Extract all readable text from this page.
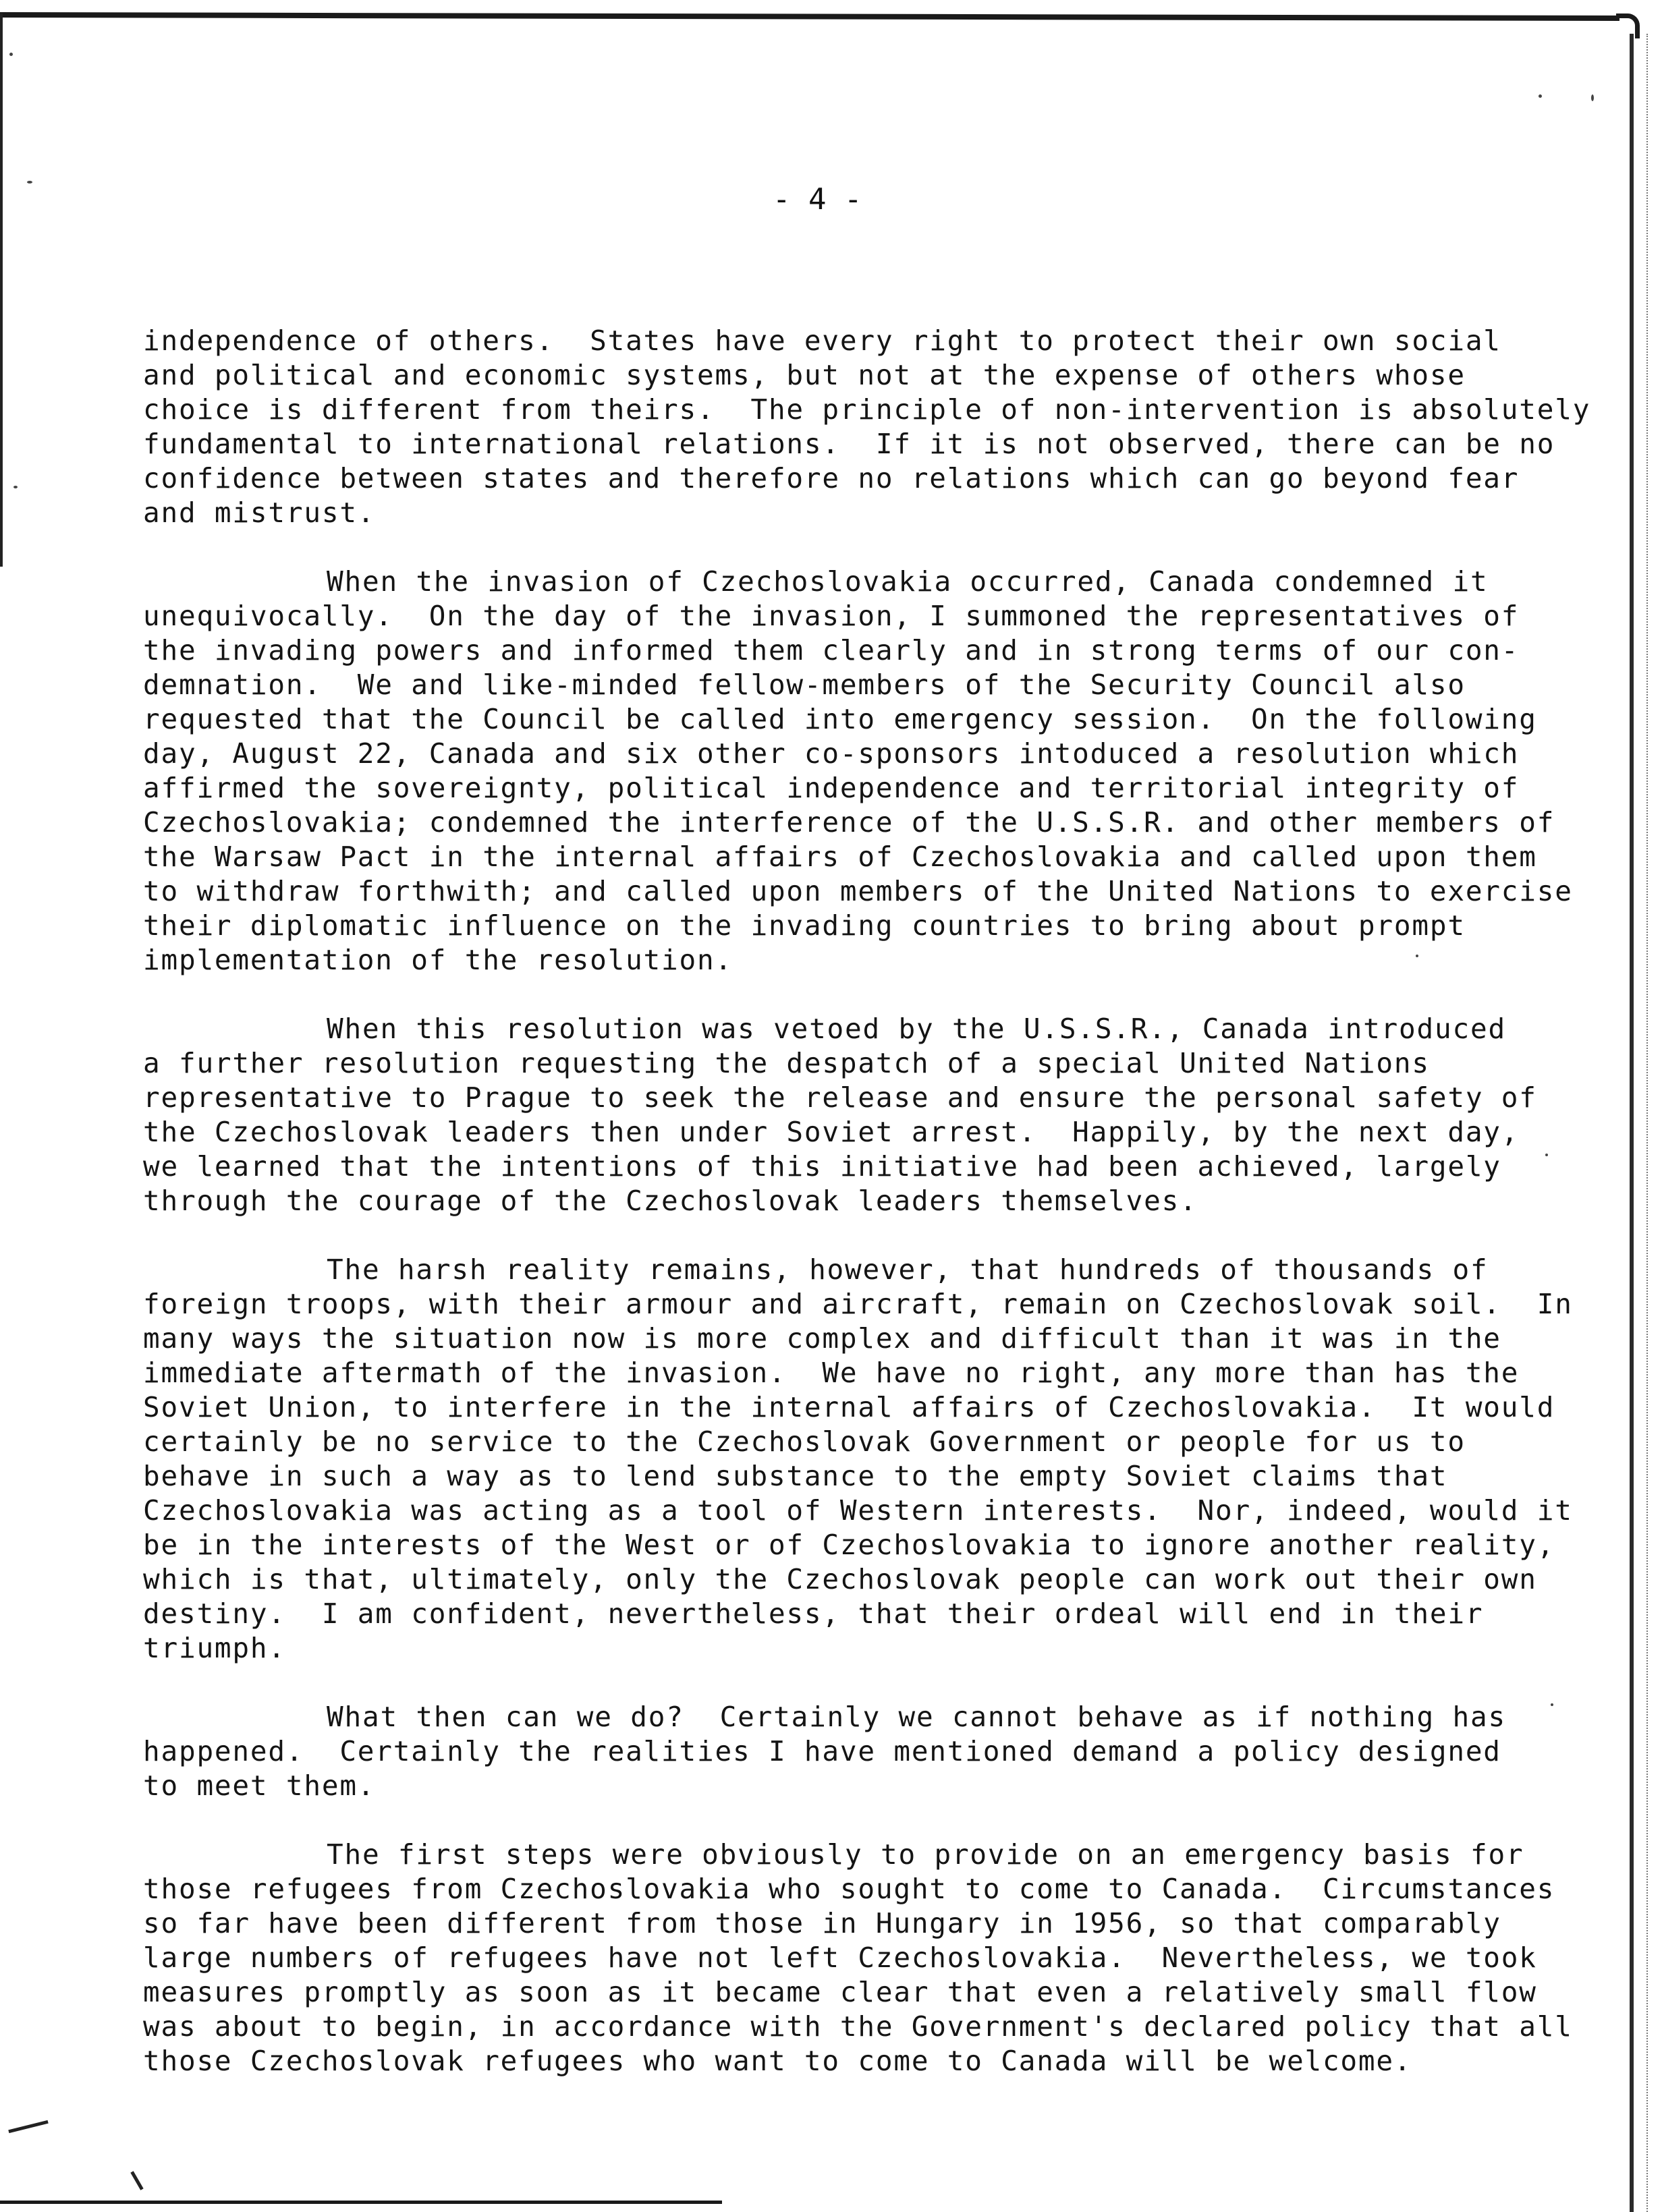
- 4 -
independence of others.  States have every right to protect their own social
and political and economic systems, but not at the expense of others whose
choice is different from theirs.  The principle of non-intervention is absolutely
fundamental to international relations.  If it is not observed, there can be no
confidence between states and therefore no relations which can go beyond fear
and mistrust.
When the invasion of Czechoslovakia occurred, Canada condemned it
unequivocally.  On the day of the invasion, I summoned the representatives of
the invading powers and informed them clearly and in strong terms of our con-
demnation.  We and like-minded fellow-members of the Security Council also
requested that the Council be called into emergency session.  On the following
day, August 22, Canada and six other co-sponsors intoduced a resolution which
affirmed the sovereignty, political independence and territorial integrity of
Czechoslovakia; condemned the interference of the U.S.S.R. and other members of
the Warsaw Pact in the internal affairs of Czechoslovakia and called upon them
to withdraw forthwith; and called upon members of the United Nations to exercise
their diplomatic influence on the invading countries to bring about prompt
implementation of the resolution.
When this resolution was vetoed by the U.S.S.R., Canada introduced
a further resolution requesting the despatch of a special United Nations
representative to Prague to seek the release and ensure the personal safety of
the Czechoslovak leaders then under Soviet arrest.  Happily, by the next day,
we learned that the intentions of this initiative had been achieved, largely
through the courage of the Czechoslovak leaders themselves.
The harsh reality remains, however, that hundreds of thousands of
foreign troops, with their armour and aircraft, remain on Czechoslovak soil.  In
many ways the situation now is more complex and difficult than it was in the
immediate aftermath of the invasion.  We have no right, any more than has the
Soviet Union, to interfere in the internal affairs of Czechoslovakia.  It would
certainly be no service to the Czechoslovak Government or people for us to
behave in such a way as to lend substance to the empty Soviet claims that
Czechoslovakia was acting as a tool of Western interests.  Nor, indeed, would it
be in the interests of the West or of Czechoslovakia to ignore another reality,
which is that, ultimately, only the Czechoslovak people can work out their own
destiny.  I am confident, nevertheless, that their ordeal will end in their
triumph.
What then can we do?  Certainly we cannot behave as if nothing has
happened.  Certainly the realities I have mentioned demand a policy designed
to meet them.
The first steps were obviously to provide on an emergency basis for
those refugees from Czechoslovakia who sought to come to Canada.  Circumstances
so far have been different from those in Hungary in 1956, so that comparably
large numbers of refugees have not left Czechoslovakia.  Nevertheless, we took
measures promptly as soon as it became clear that even a relatively small flow
was about to begin, in accordance with the Government's declared policy that all
those Czechoslovak refugees who want to come to Canada will be welcome.
